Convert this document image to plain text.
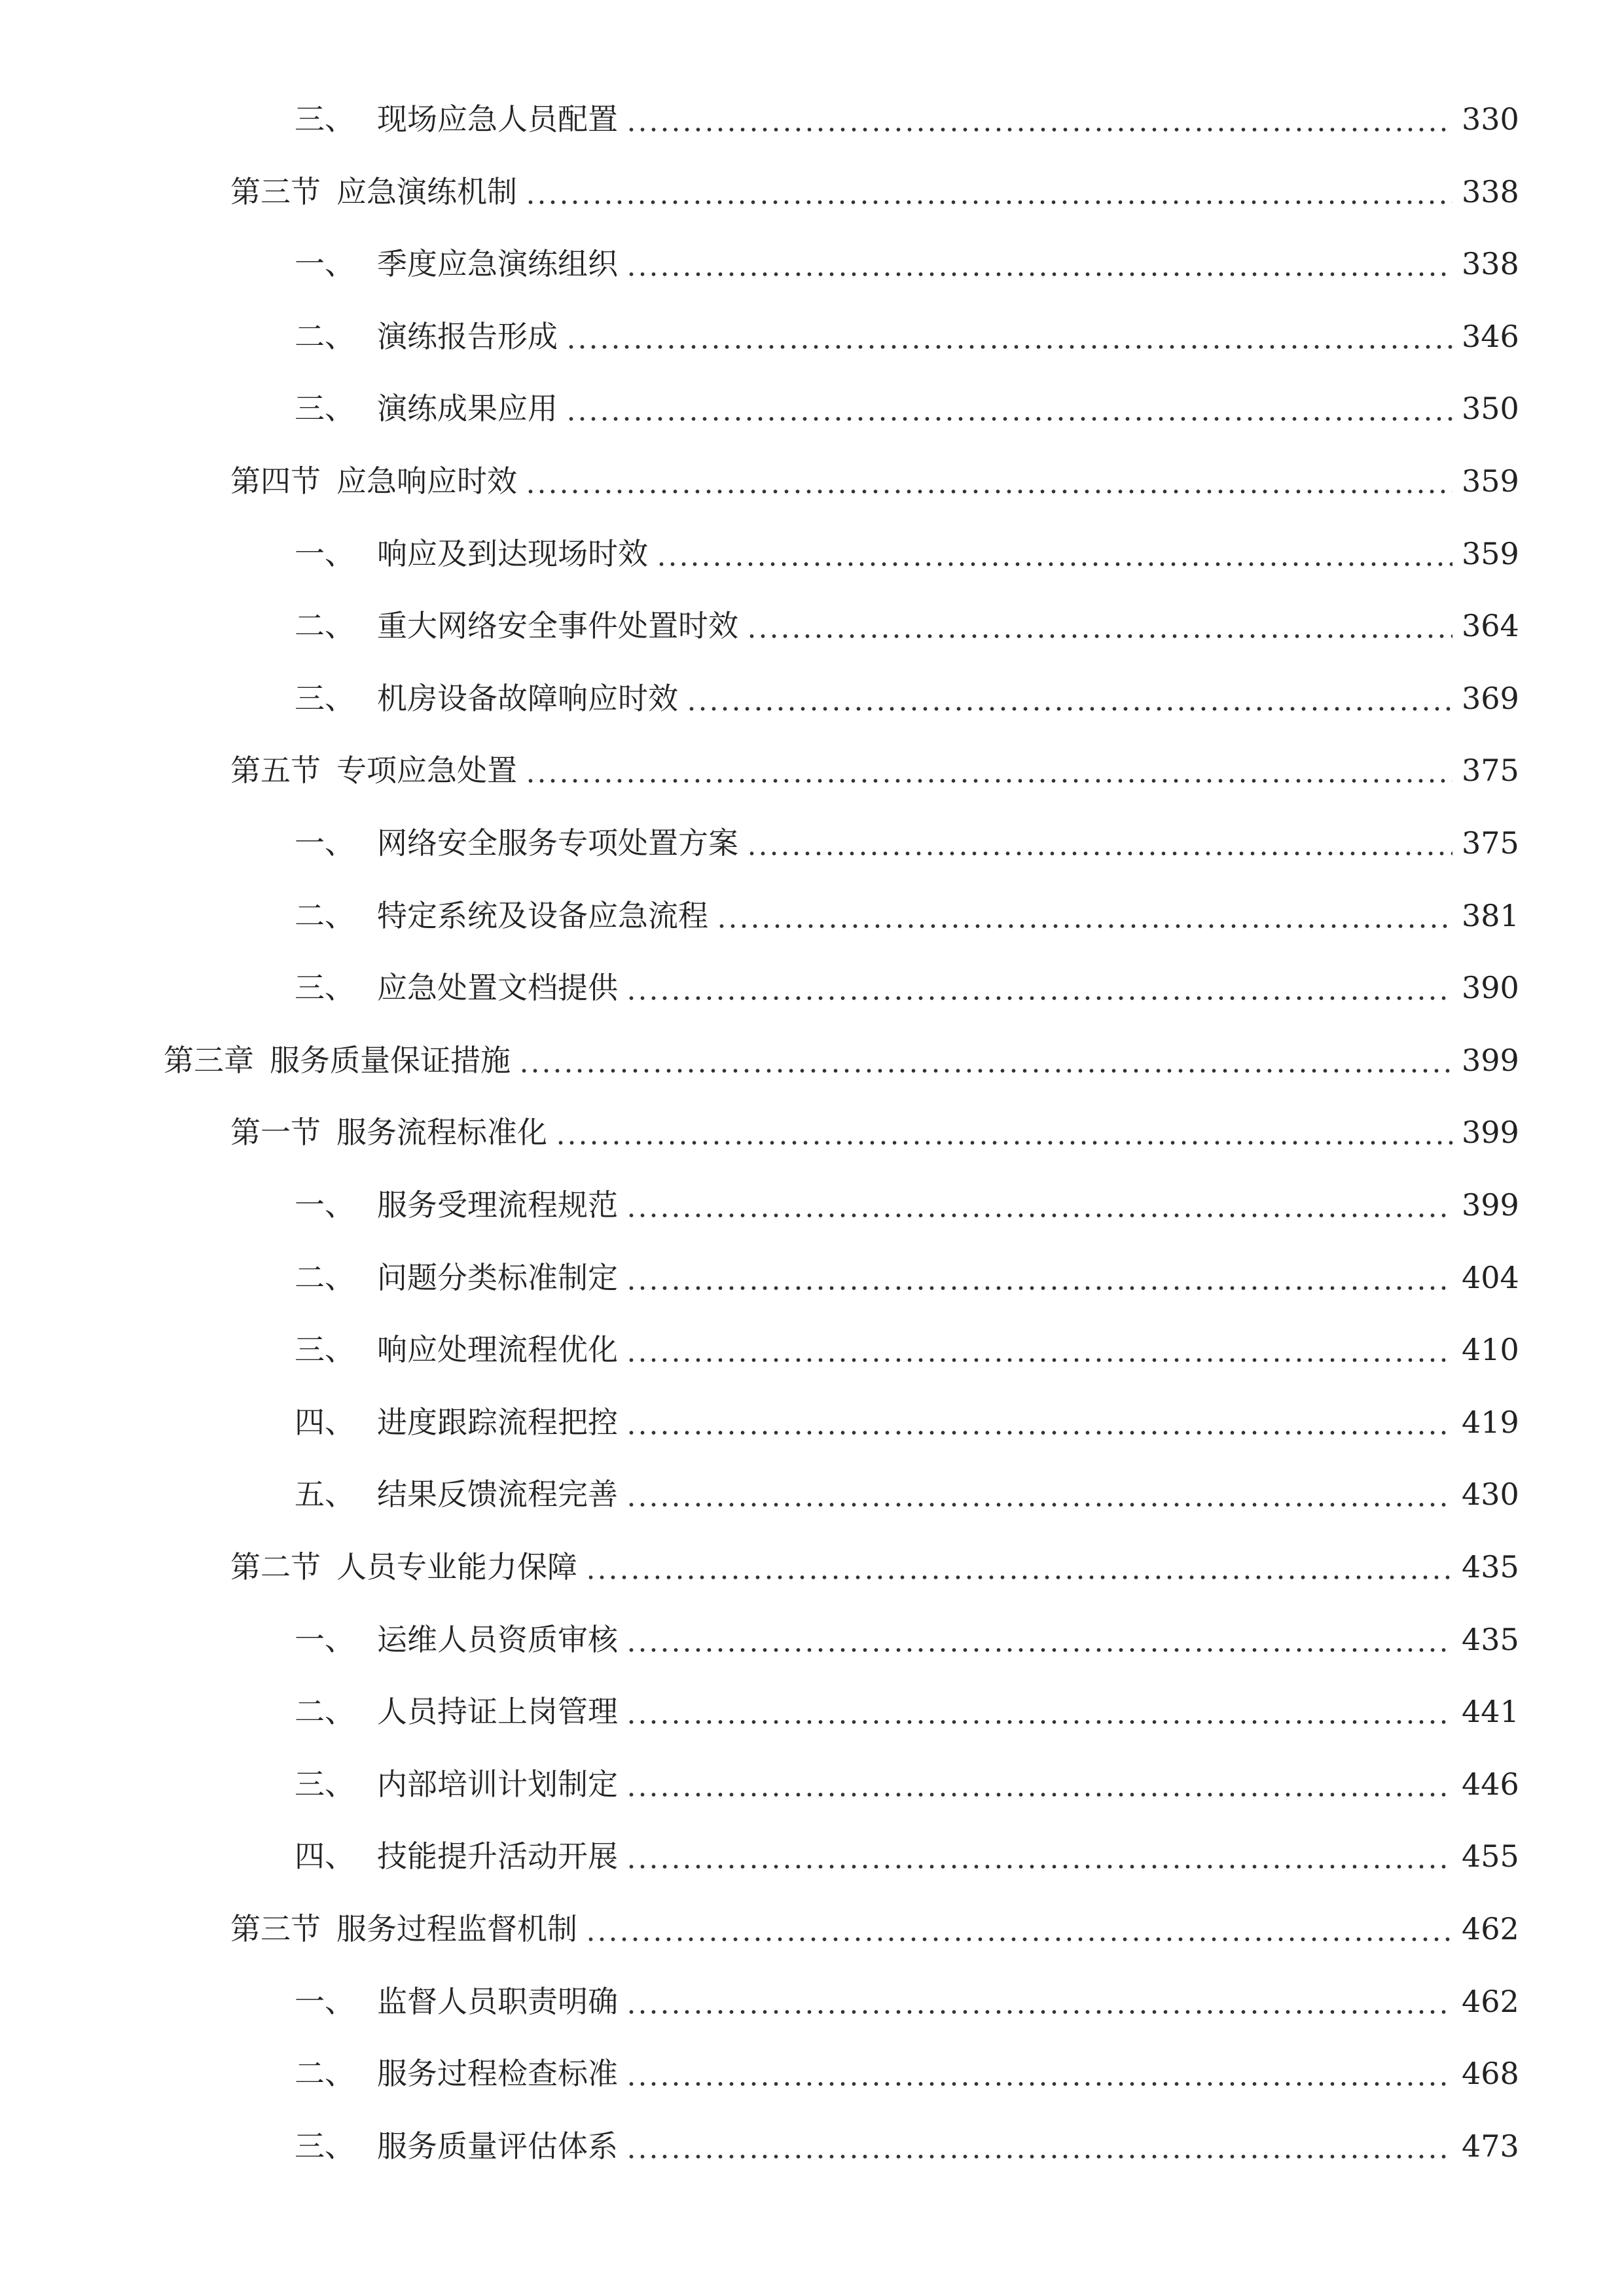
三、 现场应急人员配置	330
第三节 应急演练机制	338
一、 季度应急演练组织	338
二、 演练报告形成	346
三、 演练成果应用	350
第四节 应急响应时效	359
一、 响应及到达现场时效	359
二、 重大网络安全事件处置时效	364
三、 机房设备故障响应时效	369
第五节 专项应急处置	375
一、 网络安全服务专项处置方案	375
二、 特定系统及设备应急流程	381
三、 应急处置文档提供	390
第三章 服务质量保证措施	399
第一节 服务流程标准化	399
一、 服务受理流程规范	399
二、 问题分类标准制定	404
三、 响应处理流程优化	410
四、 进度跟踪流程把控	419
五、 结果反馈流程完善	430
第二节 人员专业能力保障	435
一、 运维人员资质审核	435
二、 人员持证上岗管理	441
三、 内部培训计划制定	446
四、 技能提升活动开展	455
第三节 服务过程监督机制	462
一、 监督人员职责明确	462
二、 服务过程检查标准	468
三、 服务质量评估体系	473
